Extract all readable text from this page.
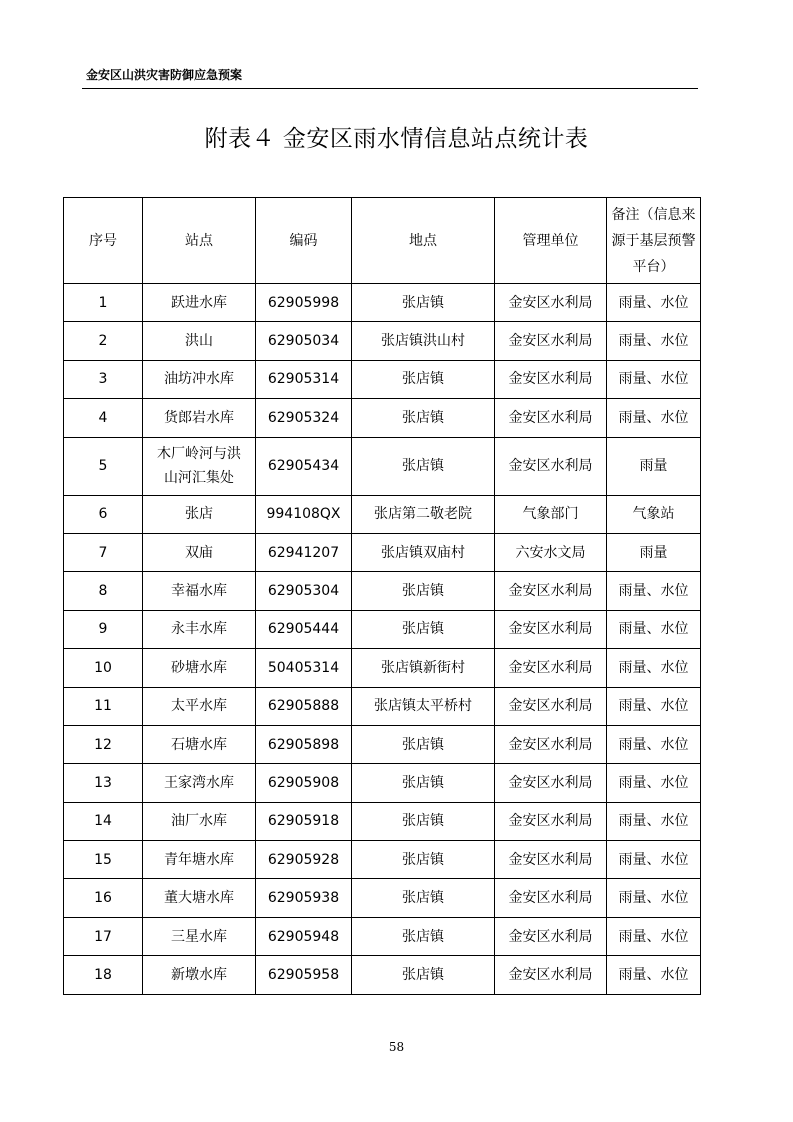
金安区山洪灾害防御应急预案
附表４ 金安区雨水情信息站点统计表
序号	站点	编码	地点	管理单位	备注（信息来
源于基层预警
平台）

1	跃进水库	62905998	张店镇	金安区水利局	雨量、水位
2	洪山	62905034	张店镇洪山村	金安区水利局	雨量、水位
3	油坊冲水库	62905314	张店镇	金安区水利局	雨量、水位
4	货郎岩水库	62905324	张店镇	金安区水利局	雨量、水位
5	木厂岭河与洪
山河汇集处	62905434	张店镇	金安区水利局	雨量
6	张店	994108QX	张店第二敬老院	气象部门	气象站
7	双庙	62941207	张店镇双庙村	六安水文局	雨量
8	幸福水库	62905304	张店镇	金安区水利局	雨量、水位
9	永丰水库	62905444	张店镇	金安区水利局	雨量、水位
10	砂塘水库	50405314	张店镇新街村	金安区水利局	雨量、水位
11	太平水库	62905888	张店镇太平桥村	金安区水利局	雨量、水位
12	石塘水库	62905898	张店镇	金安区水利局	雨量、水位
13	王家湾水库	62905908	张店镇	金安区水利局	雨量、水位
14	油厂水库	62905918	张店镇	金安区水利局	雨量、水位
15	青年塘水库	62905928	张店镇	金安区水利局	雨量、水位
16	董大塘水库	62905938	张店镇	金安区水利局	雨量、水位
17	三星水库	62905948	张店镇	金安区水利局	雨量、水位
18	新墩水库	62905958	张店镇	金安区水利局	雨量、水位
58
